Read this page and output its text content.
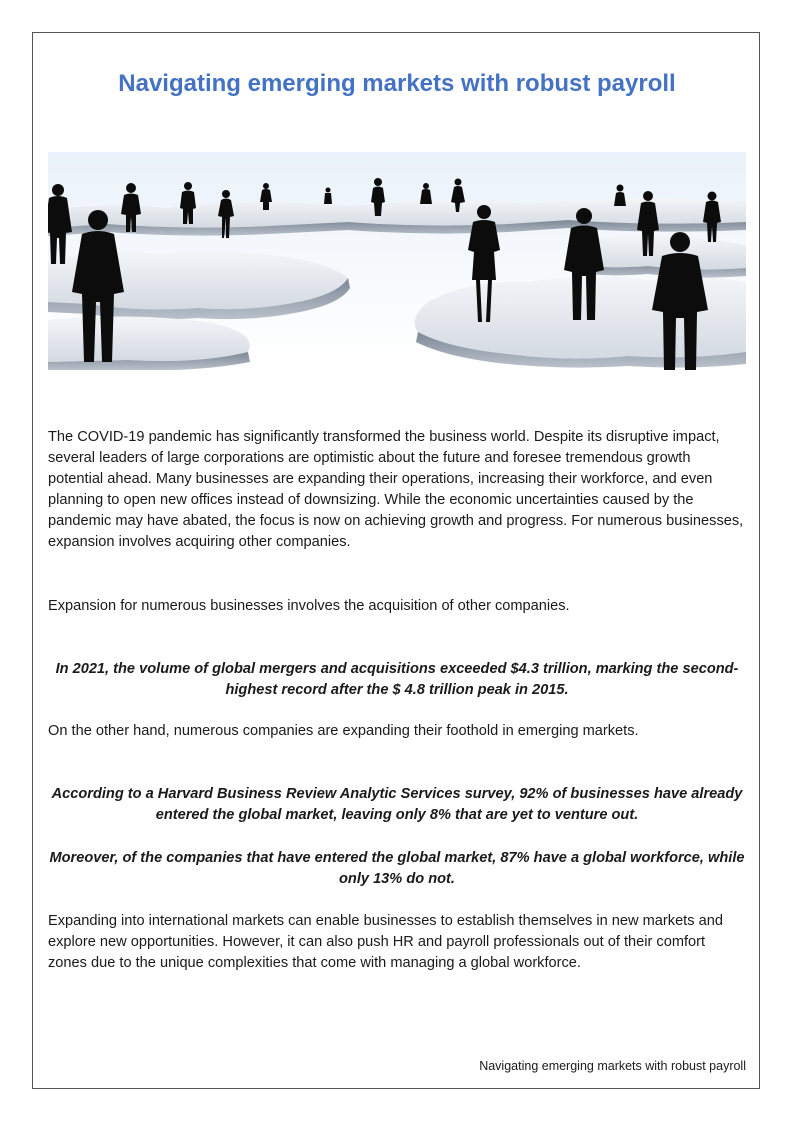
Navigating emerging markets with robust payroll

The COVID-19 pandemic has significantly transformed the business world. Despite its disruptive impact, several leaders of large corporations are optimistic about the future and foresee tremendous growth potential ahead. Many businesses are expanding their operations, increasing their workforce, and even planning to open new offices instead of downsizing. While the economic uncertainties caused by the pandemic may have abated, the focus is now on achieving growth and progress. For numerous businesses, expansion involves acquiring other companies.

Expansion for numerous businesses involves the acquisition of other companies.

In 2021, the volume of global mergers and acquisitions exceeded $4.3 trillion, marking the second-highest record after the $ 4.8 trillion peak in 2015.

On the other hand, numerous companies are expanding their foothold in emerging markets.

According to a Harvard Business Review Analytic Services survey, 92% of businesses have already entered the global market, leaving only 8% that are yet to venture out.

Moreover, of the companies that have entered the global market, 87% have a global workforce, while only 13% do not.

Expanding into international markets can enable businesses to establish themselves in new markets and explore new opportunities. However, it can also push HR and payroll professionals out of their comfort zones due to the unique complexities that come with managing a global workforce.

Navigating emerging markets with robust payroll
